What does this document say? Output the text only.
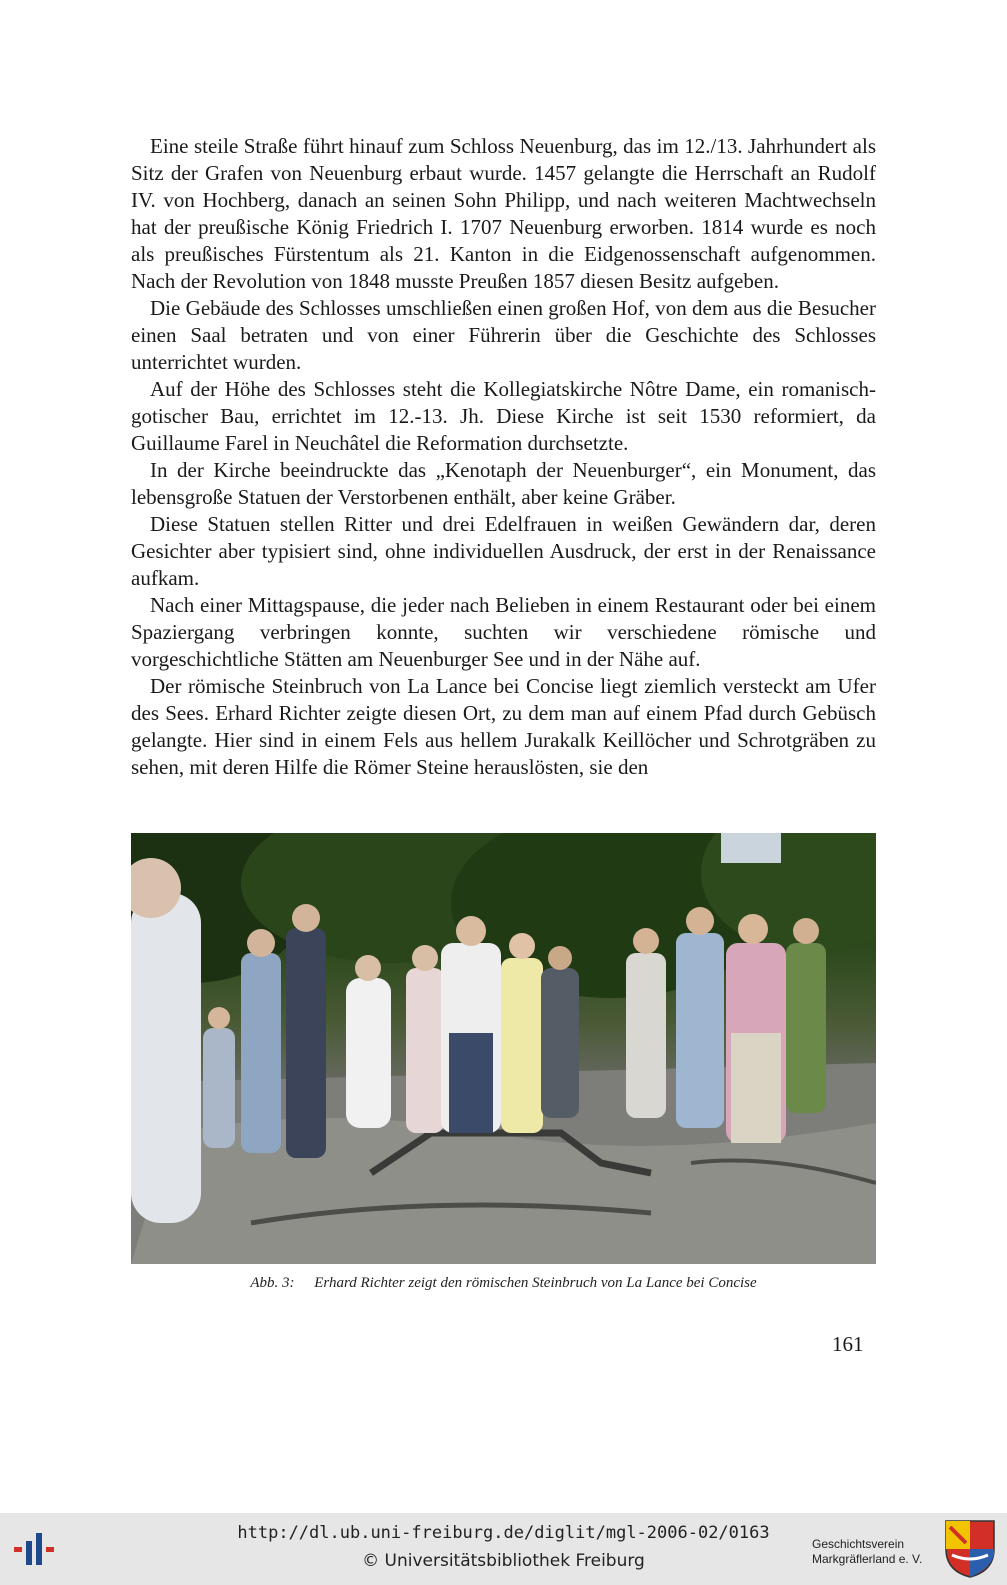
Eine steile Straße führt hinauf zum Schloss Neuenburg, das im 12./13. Jahrhundert als Sitz der Grafen von Neuenburg erbaut wurde. 1457 gelangte die Herrschaft an Rudolf IV. von Hochberg, danach an seinen Sohn Philipp, und nach weiteren Machtwechseln hat der preußische König Friedrich I. 1707 Neuenburg erworben. 1814 wurde es noch als preußisches Fürstentum als 21. Kanton in die Eidgenossenschaft aufgenommen. Nach der Revolution von 1848 musste Preußen 1857 diesen Besitz aufgeben.

Die Gebäude des Schlosses umschließen einen großen Hof, von dem aus die Besucher einen Saal betraten und von einer Führerin über die Geschichte des Schlosses unterrichtet wurden.

Auf der Höhe des Schlosses steht die Kollegiatskirche Nôtre Dame, ein romanisch-gotischer Bau, errichtet im 12.-13. Jh. Diese Kirche ist seit 1530 reformiert, da Guillaume Farel in Neuchâtel die Reformation durchsetzte.

In der Kirche beeindruckte das „Kenotaph der Neuenburger“, ein Monument, das lebensgroße Statuen der Verstorbenen enthält, aber keine Gräber.

Diese Statuen stellen Ritter und drei Edelfrauen in weißen Gewändern dar, deren Gesichter aber typisiert sind, ohne individuellen Ausdruck, der erst in der Renaissance aufkam.

Nach einer Mittagspause, die jeder nach Belieben in einem Restaurant oder bei einem Spaziergang verbringen konnte, suchten wir verschiedene römische und vorgeschichtliche Stätten am Neuenburger See und in der Nähe auf.

Der römische Steinbruch von La Lance bei Concise liegt ziemlich versteckt am Ufer des Sees. Erhard Richter zeigte diesen Ort, zu dem man auf einem Pfad durch Gebüsch gelangte. Hier sind in einem Fels aus hellem Jurakalk Keillöcher und Schrotgräben zu sehen, mit deren Hilfe die Römer Steine herauslösten, sie den

Abb. 3: Erhard Richter zeigt den römischen Steinbruch von La Lance bei Concise
161
http://dl.ub.uni-freiburg.de/diglit/mgl-2006-02/0163
© Universitätsbibliothek Freiburg
Geschichtsverein
Markgräflerland e. V.
